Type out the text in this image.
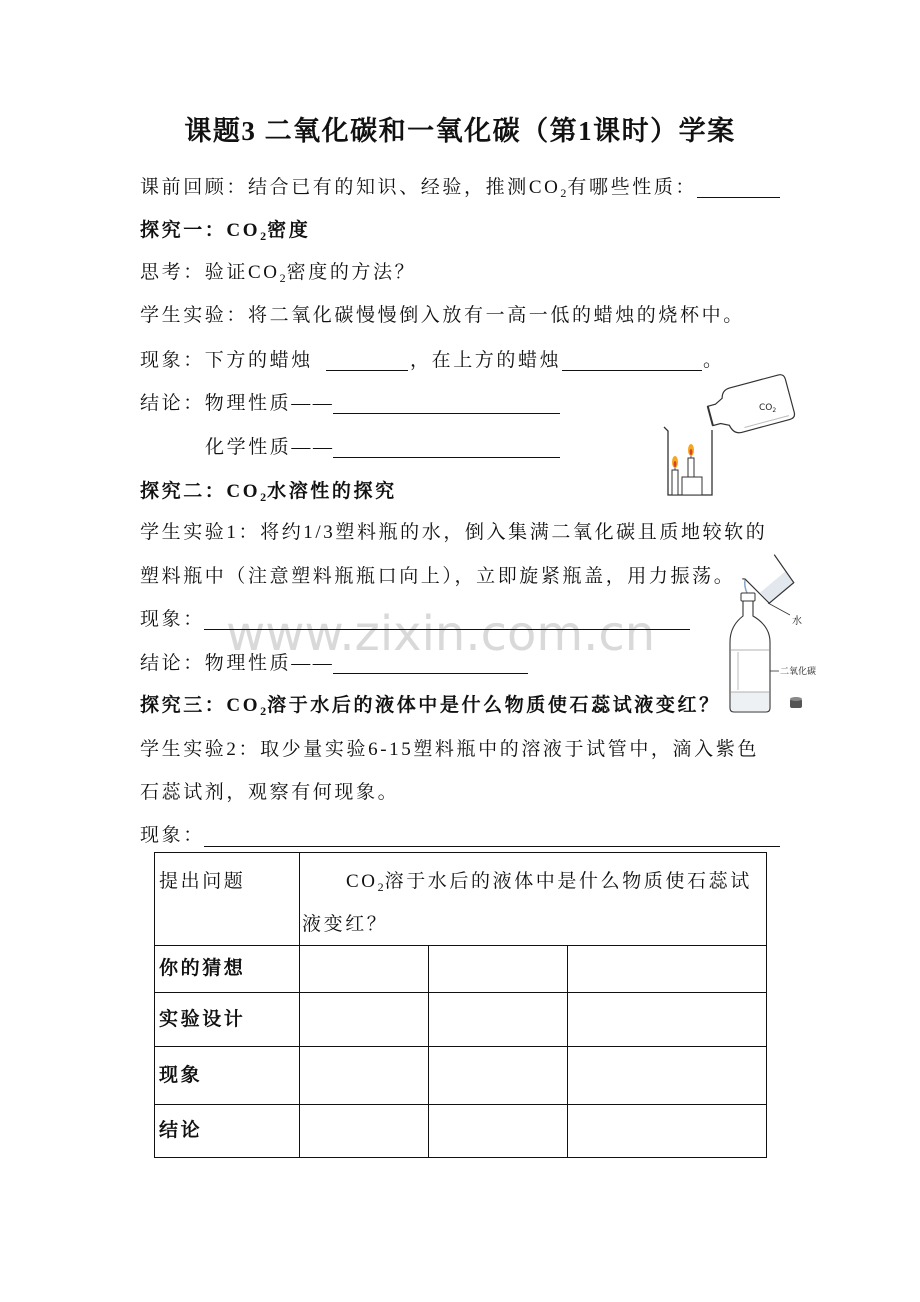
www.zixin.com.cn
课题3 二氧化碳和一氧化碳（第1课时）学案
课前回顾：结合已有的知识、经验，推测$CO_2$有哪些性质：
探究一：$CO_2$密度
思考：验证$CO_2$密度的方法？
学生实验：将二氧化碳慢慢倒入放有一高一低的蜡烛的烧杯中。
现象：下方的蜡烛	，在上方的蜡烛	。
结论：物理性质——
化学性质——
$CO_2$
探究二：$CO_2$水溶性的探究
学生实验1：将约1/3塑料瓶的水，倒入集满二氧化碳且质地较软的
塑料瓶中（注意塑料瓶瓶口向上），立即旋紧瓶盖，用力振荡。
现象：
结论：物理性质——
水
二氧化碳
探究三：$CO_2$溶于水后的液体中是什么物质使石蕊试液变红？
学生实验2：取少量实验6-15塑料瓶中的溶液于试管中，滴入紫色
石蕊试剂，观察有何现象。
现象：
提出问题	$CO_2$溶于水后的液体中是什么物质使石蕊试液变红？		
你的猜想			
实验设计			
现象			
结论			
